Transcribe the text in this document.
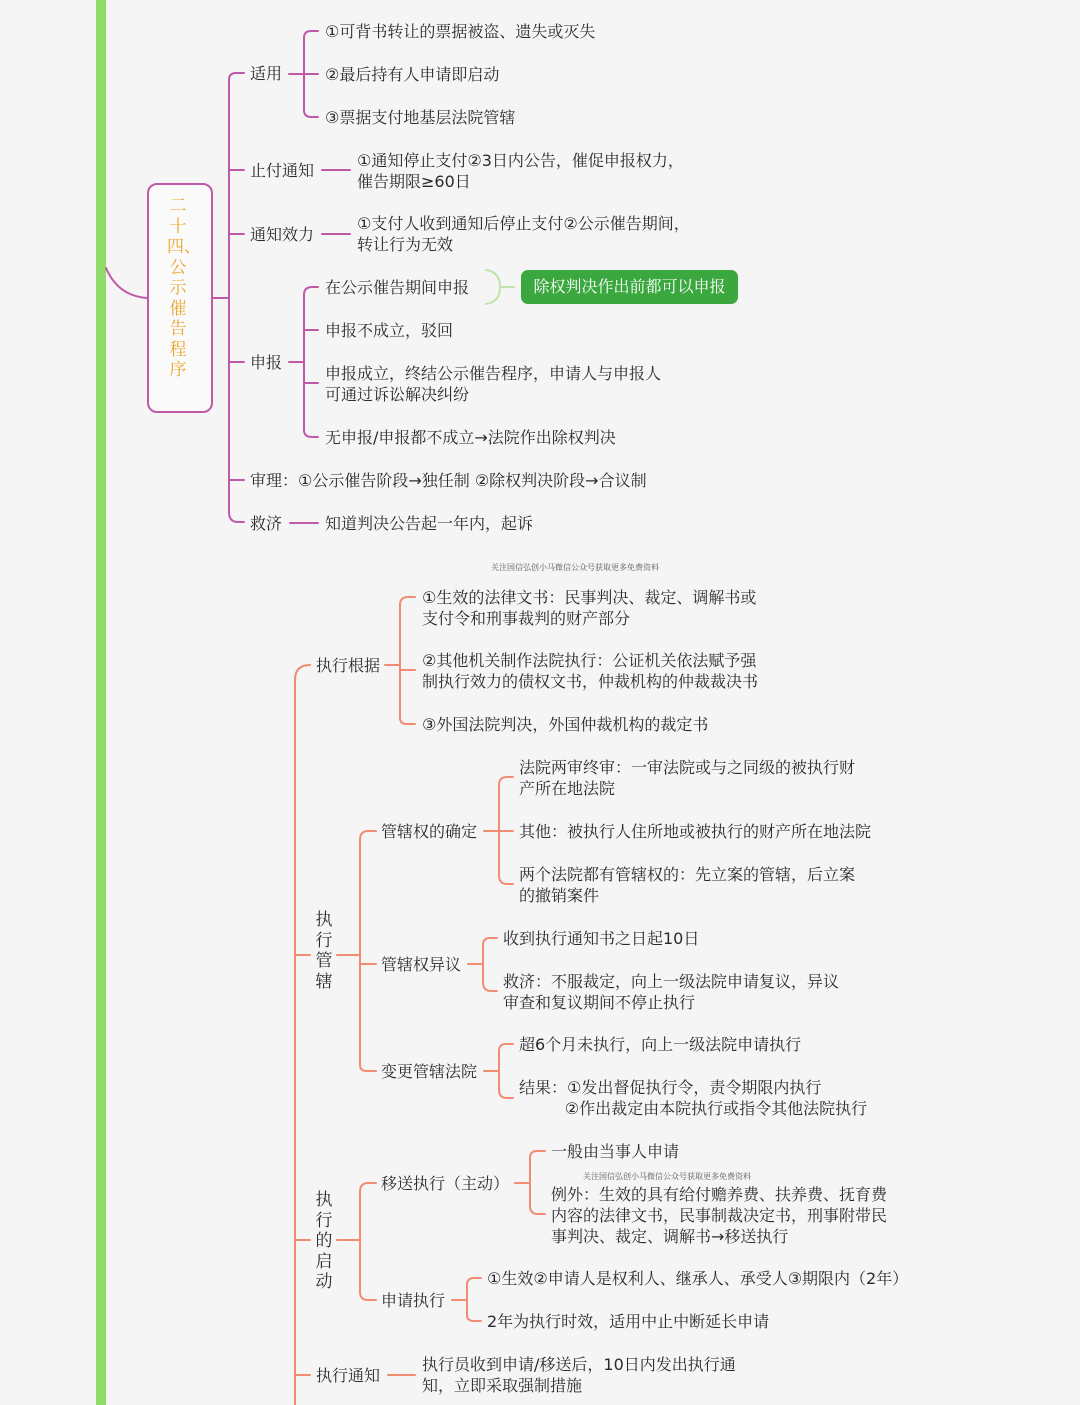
二十四、公示催告程序
适用
①可背书转让的票据被盗、遗失或灭失
②最后持有人申请即启动
③票据支付地基层法院管辖
止付通知
①通知停止支付②3日内公告，催促申报权力，
催告期限≥60日
通知效力
①支付人收到通知后停止支付②公示催告期间，
转让行为无效
申报
在公示催告期间申报	除权判决作出前都可以申报
申报不成立，驳回
申报成立，终结公示催告程序，申请人与申报人
可通过诉讼解决纠纷
无申报/申报都不成立→法院作出除权判决
审理：①公示催告阶段→独任制 ②除权判决阶段→合议制
救济	知道判决公告起一年内，起诉
关注国信弘创小马微信公众号获取更多免费资料
执行根据
①生效的法律文书：民事判决、裁定、调解书或
支付令和刑事裁判的财产部分
②其他机关制作法院执行：公证机关依法赋予强
制执行效力的债权文书，仲裁机构的仲裁裁决书
③外国法院判决，外国仲裁机构的裁定书
执行管辖
管辖权的确定
法院两审终审：一审法院或与之同级的被执行财
产所在地法院
其他：被执行人住所地或被执行的财产所在地法院
两个法院都有管辖权的：先立案的管辖，后立案
的撤销案件
管辖权异议
收到执行通知书之日起10日
救济：不服裁定，向上一级法院申请复议，异议
审查和复议期间不停止执行
变更管辖法院
超6个月未执行，向上一级法院申请执行
结果：①发出督促执行令，责令期限内执行
②作出裁定由本院执行或指令其他法院执行
执行的启动
移送执行（主动）
一般由当事人申请
关注国信弘创小马微信公众号获取更多免费资料
例外：生效的具有给付赡养费、扶养费、抚育费
内容的法律文书，民事制裁决定书，刑事附带民
事判决、裁定、调解书→移送执行
申请执行
①生效②申请人是权利人、继承人、承受人③期限内（2年）
2年为执行时效，适用中止中断延长申请
执行通知
执行员收到申请/移送后，10日内发出执行通
知，立即采取强制措施
